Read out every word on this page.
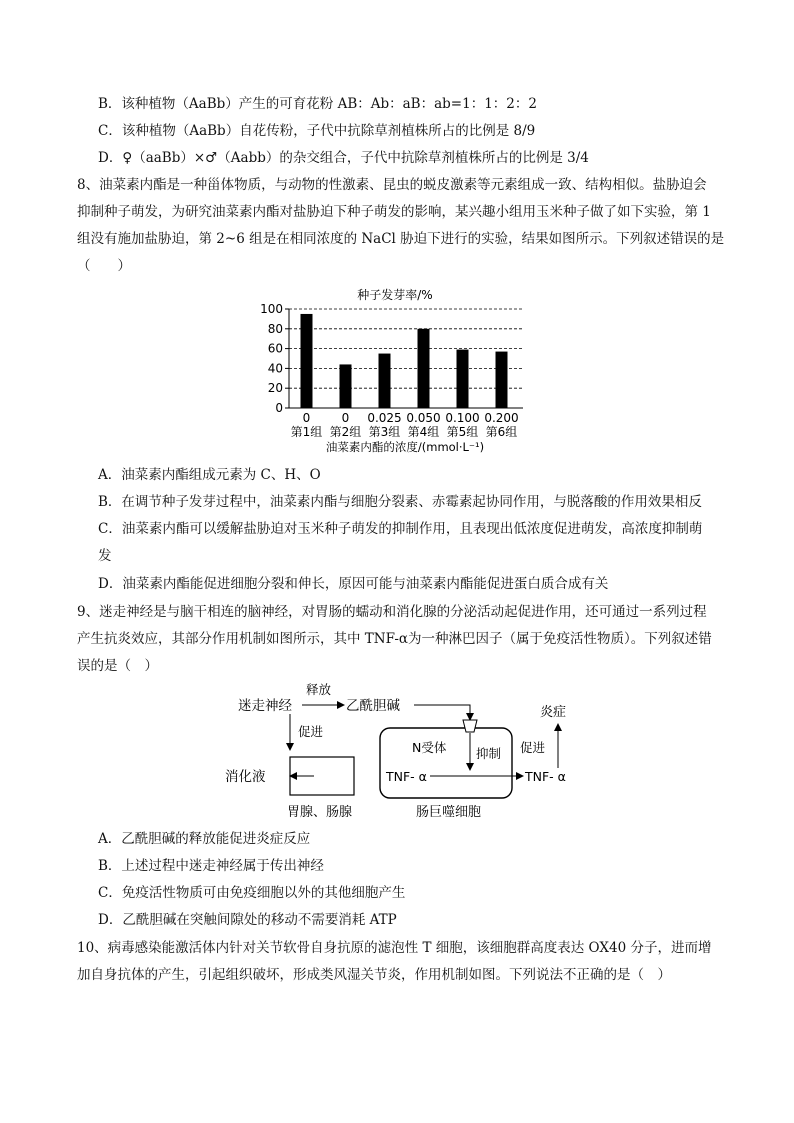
B．该种植物（AaBb）产生的可育花粉 AB：Ab：aB：ab=1：1：2：2
C．该种植物（AaBb）自花传粉，子代中抗除草剂植株所占的比例是 8/9
D．♀（aaBb）×♂（Aabb）的杂交组合，子代中抗除草剂植株所占的比例是 3/4
8、油菜素内酯是一种甾体物质，与动物的性激素、昆虫的蜕皮激素等元素组成一致、结构相似。盐胁迫会
抑制种子萌发，为研究油菜素内酯对盐胁迫下种子萌发的影响，某兴趣小组用玉米种子做了如下实验，第 1
组没有施加盐胁迫，第 2~6 组是在相同浓度的 NaCl 胁迫下进行的实验，结果如图所示。下列叙述错误的是
（　　）
种子发芽率/%
0
20
40
60
80
100
0
第1组
0
第2组
0.025
第3组
0.050
第4组
0.100
第5组
0.200
第6组
油菜素内酯的浓度/(mmol·L⁻¹)
A．油菜素内酯组成元素为 C、H、O
B．在调节种子发芽过程中，油菜素内酯与细胞分裂素、赤霉素起协同作用，与脱落酸的作用效果相反
C．油菜素内酯可以缓解盐胁迫对玉米种子萌发的抑制作用，且表现出低浓度促进萌发，高浓度抑制萌
发
D．油菜素内酯能促进细胞分裂和伸长，原因可能与油菜素内酯能促进蛋白质合成有关
9、迷走神经是与脑干相连的脑神经，对胃肠的蠕动和消化腺的分泌活动起促进作用，还可通过一系列过程
产生抗炎效应，其部分作用机制如图所示，其中 TNF-α为一种淋巴因子（属于免疫活性物质）。下列叙述错
误的是（　）
迷走神经
释放
乙酰胆碱
促进
消化液
胃腺、肠腺
N受体 抑制
TNF- α	TNF- α
促进
炎症
肠巨噬细胞
A．乙酰胆碱的释放能促进炎症反应
B．上述过程中迷走神经属于传出神经
C．免疫活性物质可由免疫细胞以外的其他细胞产生
D．乙酰胆碱在突触间隙处的移动不需要消耗 ATP
10、病毒感染能激活体内针对关节软骨自身抗原的滤泡性 T 细胞，该细胞群高度表达 OX40 分子，进而增
加自身抗体的产生，引起组织破坏，形成类风湿关节炎，作用机制如图。下列说法不正确的是（　）
